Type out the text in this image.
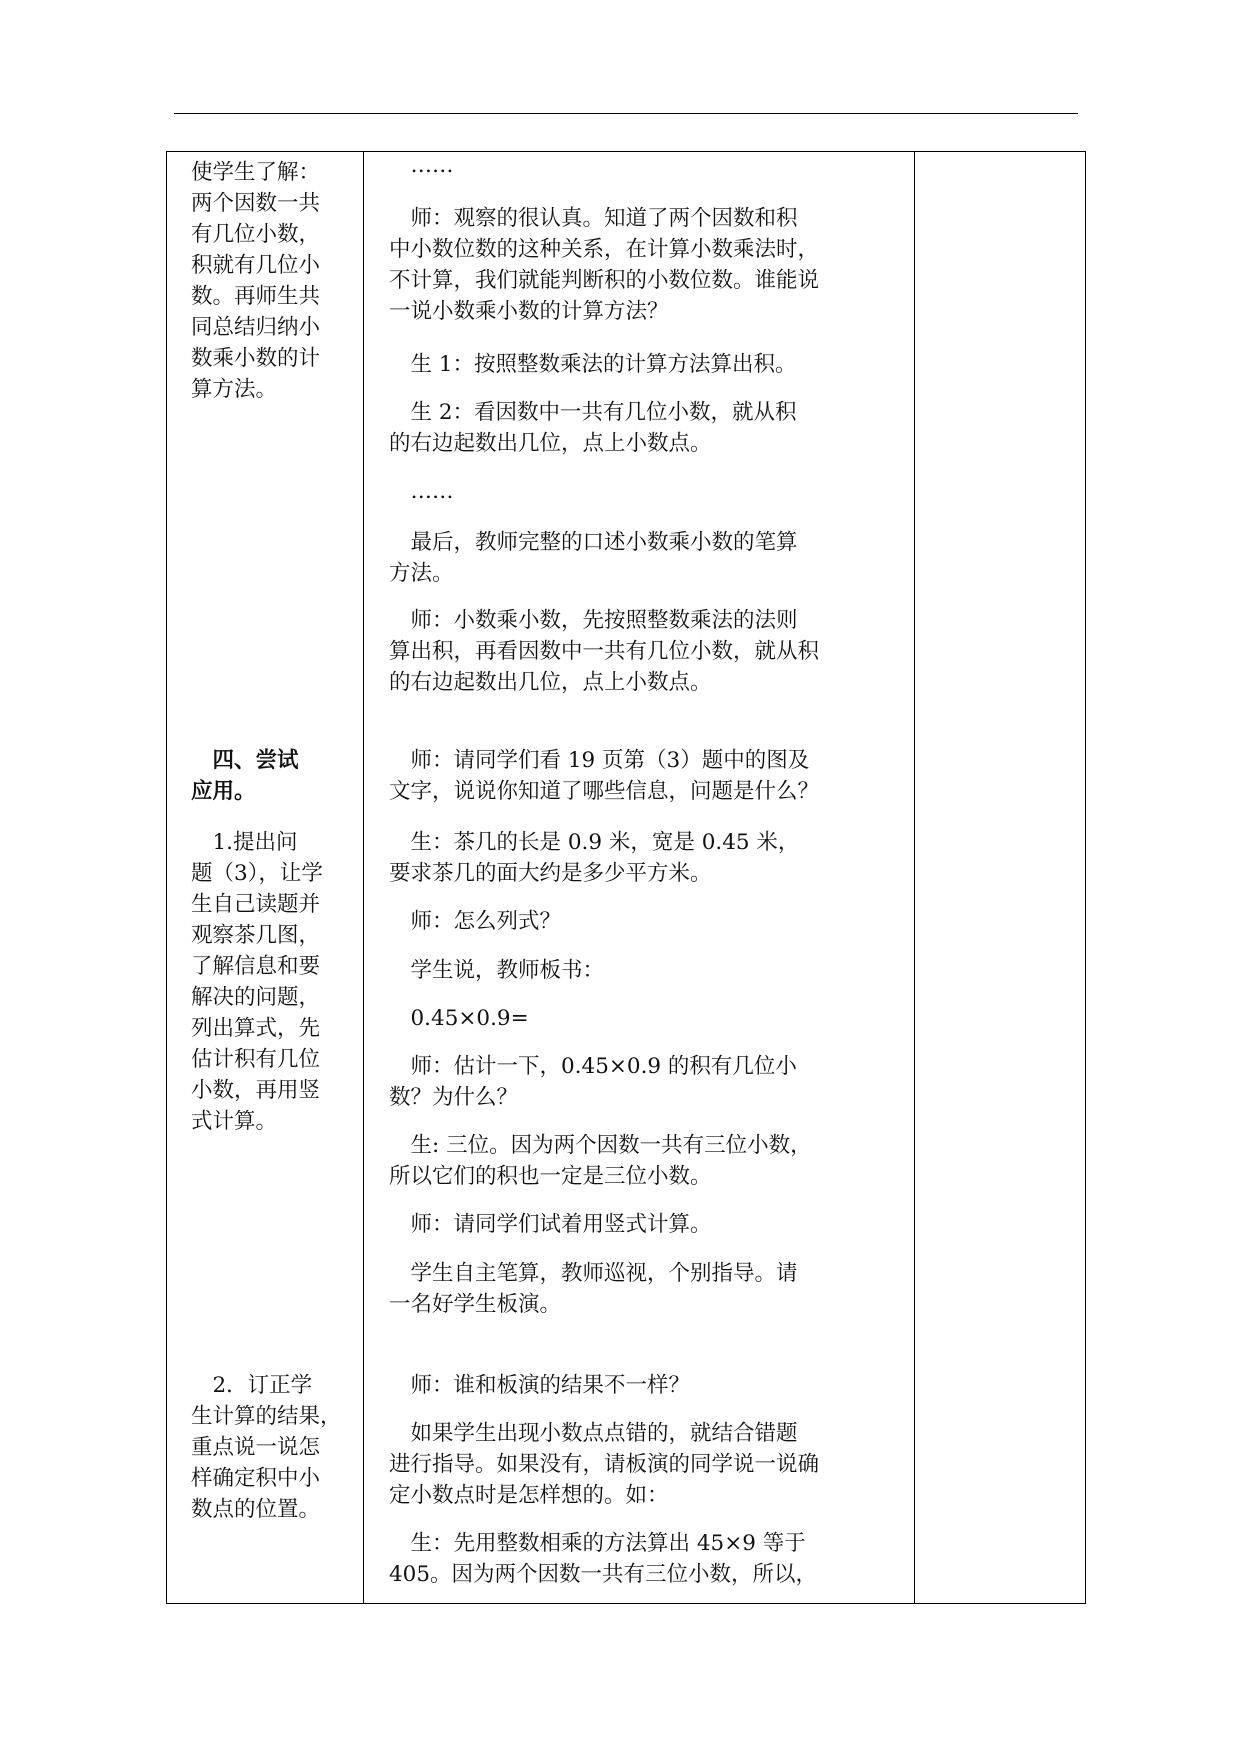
使学生了解：
两个因数一共
有几位小数，
积就有几位小
数。再师生共
同总结归纳小
数乘小数的计
算方法。

　四、尝试
应用。

　1.提出问
题（3），让学
生自己读题并
观察茶几图，
了解信息和要
解决的问题，
列出算式，先
估计积有几位
小数，再用竖
式计算。

　2．订正学
生计算的结果，
重点说一说怎
样确定积中小
数点的位置。

　……

　师：观察的很认真。知道了两个因数和积
中小数位数的这种关系，在计算小数乘法时，
不计算，我们就能判断积的小数位数。谁能说
一说小数乘小数的计算方法？

　生 1：按照整数乘法的计算方法算出积。

　生 2：看因数中一共有几位小数，就从积
的右边起数出几位，点上小数点。

　……

　最后，教师完整的口述小数乘小数的笔算
方法。

　师：小数乘小数，先按照整数乘法的法则
算出积，再看因数中一共有几位小数，就从积
的右边起数出几位，点上小数点。

　师：请同学们看 19 页第（3）题中的图及
文字，说说你知道了哪些信息，问题是什么？

　生：茶几的长是 0.9 米，宽是 0.45 米，
要求茶几的面大约是多少平方米。

　师：怎么列式？

　学生说，教师板书：

　0.45×0.9=

　师：估计一下，0.45×0.9 的积有几位小
数？为什么？

　生: 三位。因为两个因数一共有三位小数，
所以它们的积也一定是三位小数。

　师：请同学们试着用竖式计算。

　学生自主笔算，教师巡视，个别指导。请
一名好学生板演。

　师：谁和板演的结果不一样？

　如果学生出现小数点点错的，就结合错题
进行指导。如果没有，请板演的同学说一说确
定小数点时是怎样想的。如：

　生：先用整数相乘的方法算出 45×9 等于
405。因为两个因数一共有三位小数，所以，
